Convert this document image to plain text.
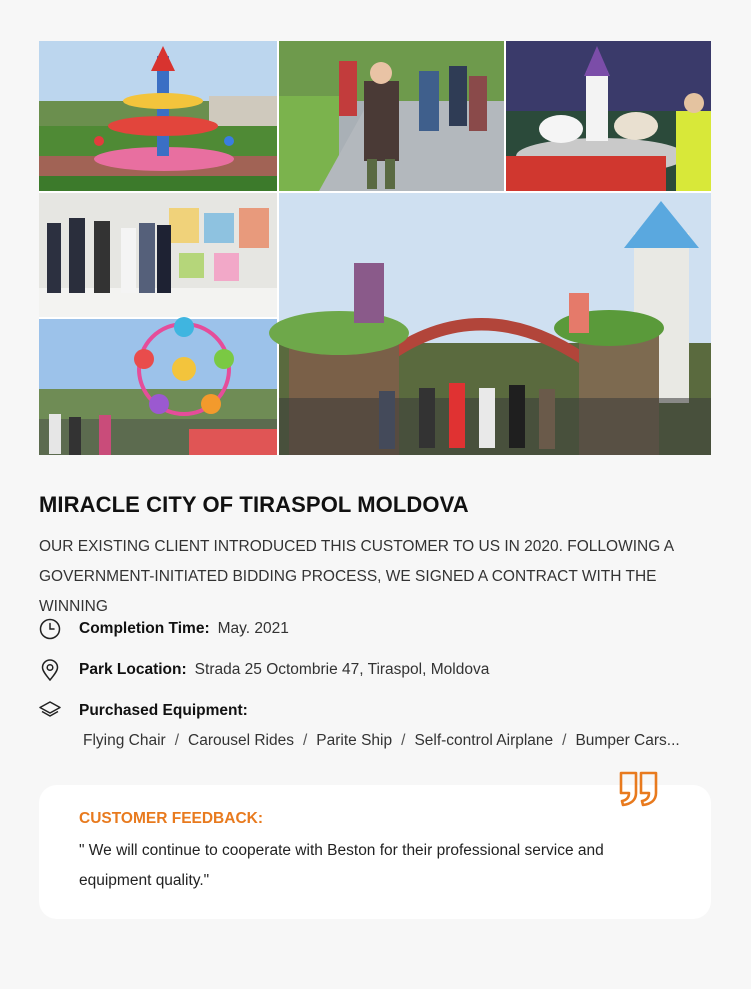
MIRACLE CITY OF TIRASPOL MOLDOVA

OUR EXISTING CLIENT INTRODUCED THIS CUSTOMER TO US IN 2020. FOLLOWING A GOVERNMENT-INITIATED BIDDING PROCESS, WE SIGNED A CONTRACT WITH THE WINNING

Completion Time : May. 2021
Park Location : Strada 25 Octombrie 47, Tiraspol, Moldova
Purchased Equipment :
Flying Chair / Carousel Rides / Parite Ship / Self-control Airplane / Bumper Cars...
CUSTOMER FEEDBACK:
" We will continue to cooperate with Beston for their professional service and equipment quality."
